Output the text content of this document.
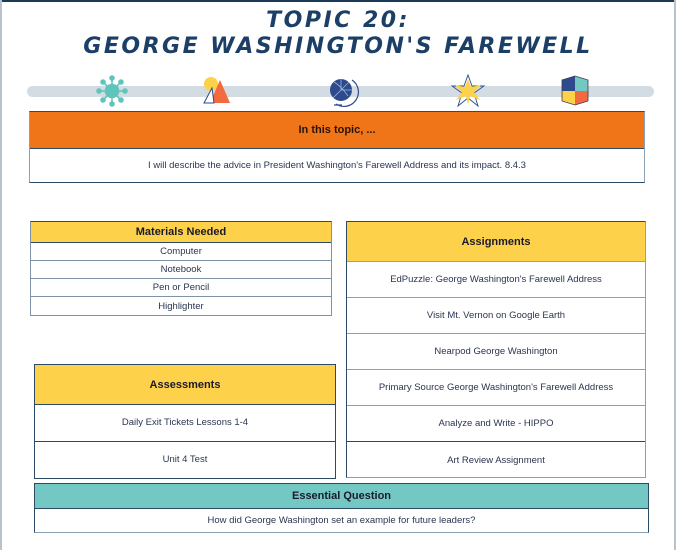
TOPIC 20:
GEORGE WASHINGTON'S FAREWELL
In this topic, ...
I will describe the advice in President Washington's Farewell Address and its impact. 8.4.3
Materials Needed
Computer
Notebook
Pen or Pencil
Highlighter
Assignments
EdPuzzle: George Washington's Farewell Address
Visit Mt. Vernon on Google Earth
Nearpod George Washington
Primary Source George Washington's Farewell Address
Analyze and Write - HIPPO
Art Review Assignment
Assessments
Daily Exit Tickets Lessons 1-4
Unit 4 Test
Essential Question
How did George Washington set an example for future leaders?
